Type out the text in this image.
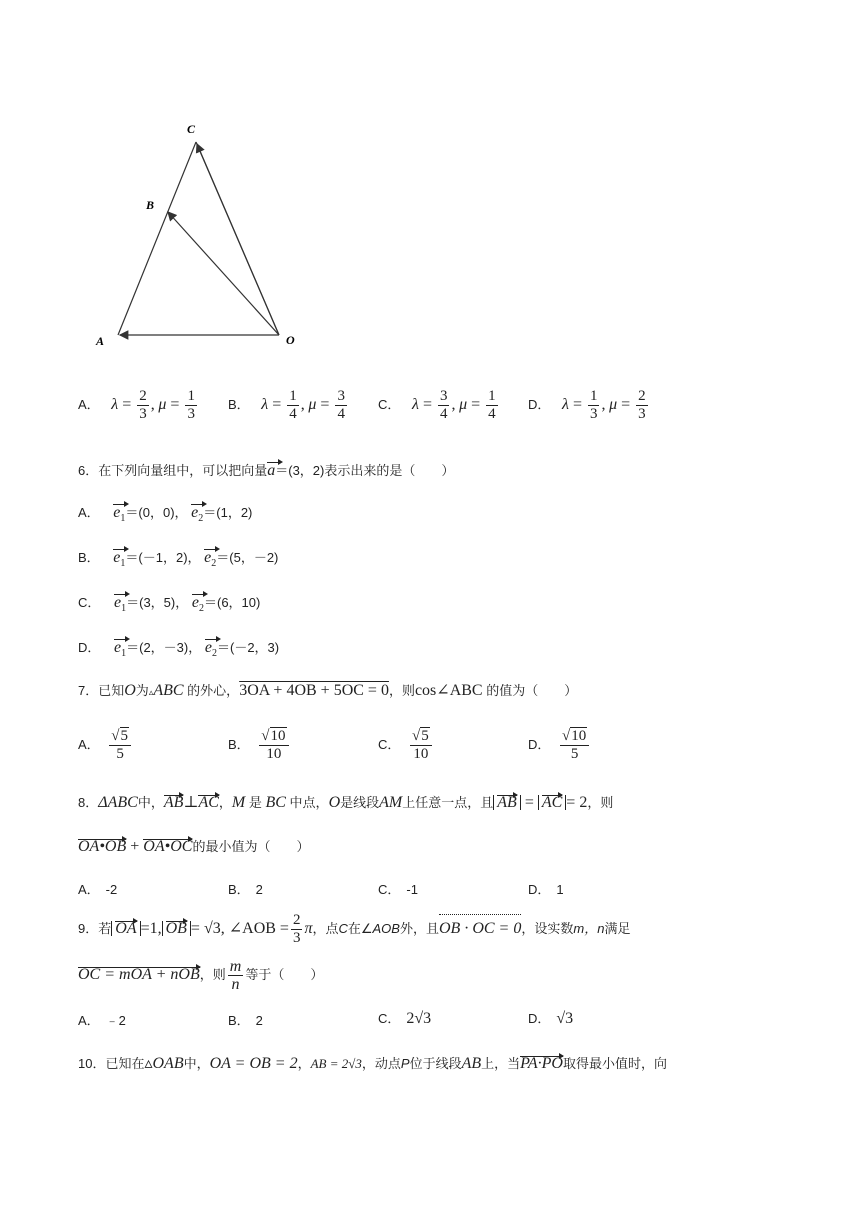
C
B
A	O
A． $\lambda = \frac{2}{3}$ , $\mu = \frac{1}{3}$ B． $\lambda = \frac{1}{4}$ , $\mu = \frac{3}{4}$ C． $\lambda = \frac{3}{4}$ , $\mu = \frac{1}{4}$ D． $\lambda = \frac{1}{3}$ , $\mu = \frac{2}{3}$
6．在下列向量组中，可以把向量a＝(3，2)表示出来的是（　　）
A． $e_1=(0$，0)， $e_2=(1$，2)
B． $e_1=(-1$，2)， $e_2=(5$，－2)
C． $e_1=(3$，5)， $e_2=(6$，10)
D． $e_1=(2$，－3)， $e_2=(-2$，3)
7．已知O为▵ABC 的外心，3OA + 4OB + 5OC = 0，则cos∠ABC 的值为（　　）
A． $\frac{√5}{5}$	B． $\frac{√10}{10}$	C． $\frac{√5}{10}$	D． $\frac{√10}{5}$
8．ΔABC中，AB⊥AC，M 是 BC 中点，O是线段AM上任意一点，且 AB = AC = 2，则
OA•OB + OA•OC的最小值为（　　）
A． -2	B． 2	C． -1	D． 1
9．若 OA =1, OB = √3, ∠AOB = $\frac{2}{3}$ π，点C在∠AOB外，且OB · OC = 0，设实数m，n满足
OC = mOA + nOB，则 $\frac{m}{n}$ 等于（　　）
A． ﹣2	B． 2	C． 2√3	D． √3
10．已知在▵OAB中，OA = OB = 2，AB = 2√3，动点P位于线段AB上，当PA·PO取得最小值时，向
